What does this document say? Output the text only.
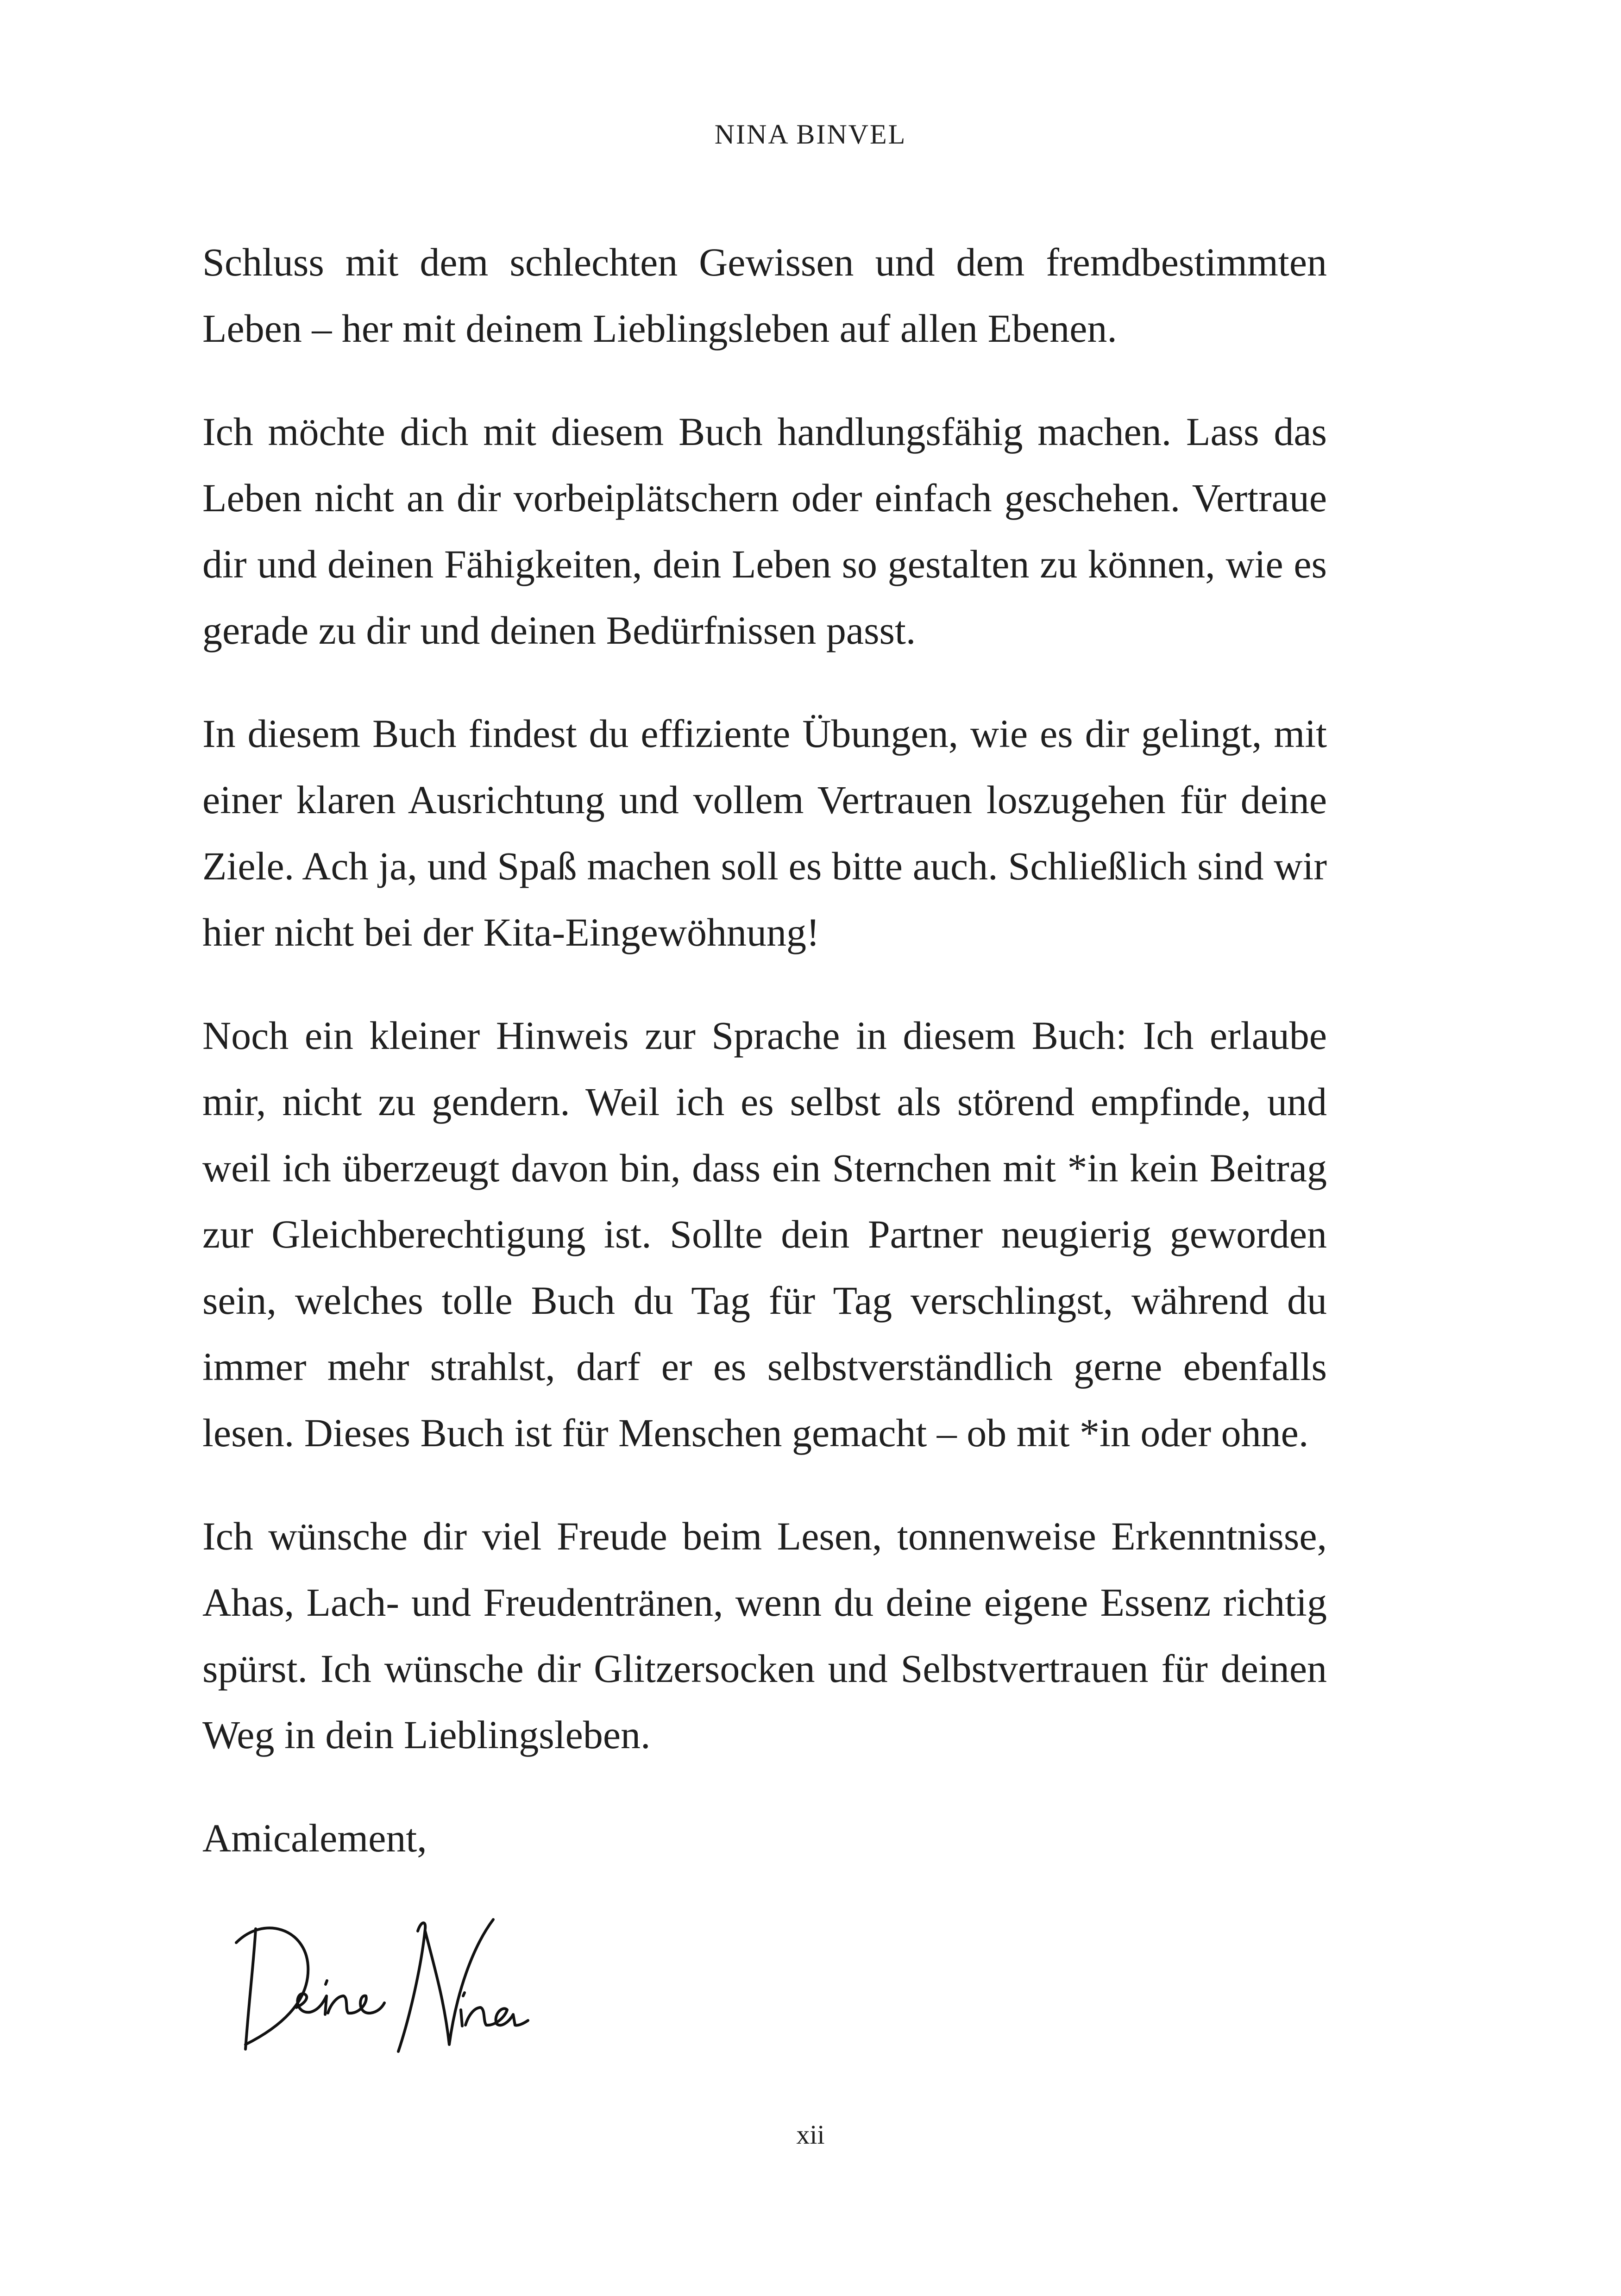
NINA BINVEL

Schluss mit dem schlechten Gewissen und dem fremdbestimmten Leben – her mit deinem Lieblingsleben auf allen Ebenen.

Ich möchte dich mit diesem Buch handlungsfähig machen. Lass das Leben nicht an dir vorbeiplätschern oder einfach geschehen. Vertraue dir und deinen Fähigkeiten, dein Leben so gestalten zu können, wie es gerade zu dir und deinen Bedürfnissen passt.

In diesem Buch findest du effiziente Übungen, wie es dir gelingt, mit einer klaren Ausrichtung und vollem Vertrauen loszugehen für deine Ziele. Ach ja, und Spaß machen soll es bitte auch. Schließlich sind wir hier nicht bei der Kita-Eingewöhnung!

Noch ein kleiner Hinweis zur Sprache in diesem Buch: Ich erlaube mir, nicht zu gendern. Weil ich es selbst als störend empfinde, und weil ich überzeugt davon bin, dass ein Sternchen mit *in kein Beitrag zur Gleichberechtigung ist. Sollte dein Partner neugierig geworden sein, welches tolle Buch du Tag für Tag verschlingst, während du immer mehr strahlst, darf er es selbstverständlich gerne ebenfalls lesen. Dieses Buch ist für Menschen gemacht – ob mit *in oder ohne.

Ich wünsche dir viel Freude beim Lesen, tonnenweise Erkenntnisse, Ahas, Lach- und Freudentränen, wenn du deine eigene Essenz richtig spürst. Ich wünsche dir Glitzersocken und Selbstvertrauen für deinen Weg in dein Lieblingsleben.

Amicalement,

xii
